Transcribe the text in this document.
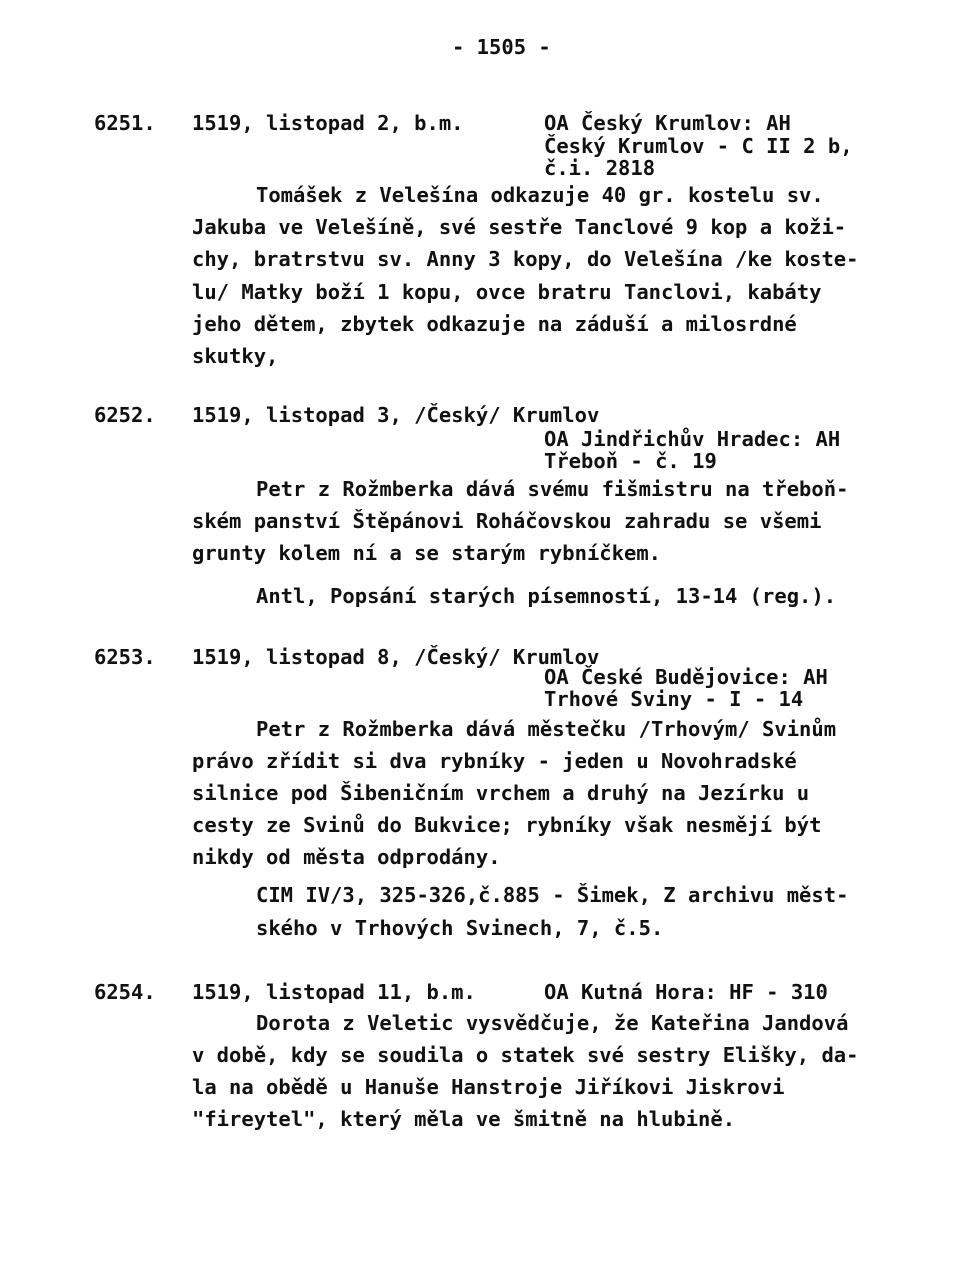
- 1505 -

6251. 1519, listopad 2, b.m.	OA Český Krumlov: AH

Český Krumlov - C II 2 b,

č.i. 2818

Tomášek z Velešína odkazuje 40 gr. kostelu sv.

Jakuba ve Velešíně, své sestře Tanclové 9 kop a koži-

chy, bratrstvu sv. Anny 3 kopy, do Velešína /ke koste-

lu/ Matky boží 1 kopu, ovce bratru Tanclovi, kabáty

jeho dětem, zbytek odkazuje na záduší a milosrdné

skutky,

6252. 1519, listopad 3, /Český/ Krumlov

OA Jindřichův Hradec: AH

Třeboň - č. 19

Petr z Rožmberka dává svému fišmistru na třeboň-

ském panství Štěpánovi Roháčovskou zahradu se všemi

grunty kolem ní a se starým rybníčkem.

Antl, Popsání starých písemností, 13-14 (reg.).

6253. 1519, listopad 8, /Český/ Krumlov

OA České Budějovice: AH

Trhové Sviny - I - 14

Petr z Rožmberka dává městečku /Trhovým/ Svinům

právo zřídit si dva rybníky - jeden u Novohradské

silnice pod Šibeničním vrchem a druhý na Jezírku u

cesty ze Svinů do Bukvice; rybníky však nesmějí být

nikdy od města odprodány.

CIM IV/3, 325-326,č.885 - Šimek, Z archivu měst-

ského v Trhových Svinech, 7, č.5.

6254. 1519, listopad 11, b.m.	OA Kutná Hora: HF - 310

Dorota z Veletic vysvědčuje, že Kateřina Jandová

v době, kdy se soudila o statek své sestry Elišky, da-

la na obědě u Hanuše Hanstroje Jiříkovi Jiskrovi

"fireytel", který měla ve šmitně na hlubině.
